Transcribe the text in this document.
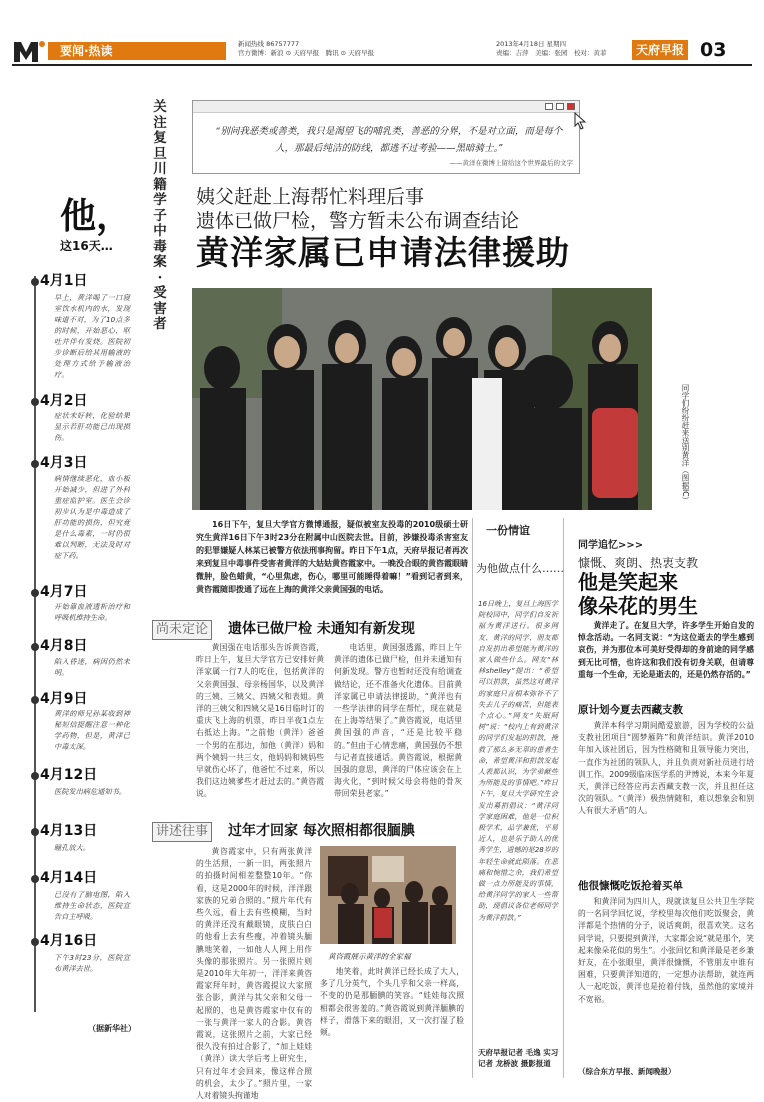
要闻·热读	新闻热线 86757777
官方微博：新浪 ⊙ 天府早报　腾讯 ⊙ 天府早报
2013年4月18日 星期四
责编：吉萍　美编：张园　校对：黄菲	天府早报 03
关注复旦川籍学子中毒案·受害者
他，
这16天…
4月1日
早上，黄洋喝了一口寝室饮水机内的水，发现味道不对，为了10点多的时候，开始恶心、呕吐并伴有发烧。医院初步诊断后给其用输液的处理方式给予输液治疗。
4月2日
症状未好转，化验结果显示若肝功能已出现损伤。
4月3日
病情继续恶化，血小板开始减少，但进了外科重症监护室。医生会诊初步认为是中毒造成了肝功能的损伤，但究竟是什么毒素，一时仍很难以判断，无法及时对症下药。
4月7日
开始靠血液透析治疗和呼吸机维持生命。
4月8日
陷入昏迷，病因仍然未明。
4月9日
黄洋的师兄孙某收到神秘短信提醒注意一种化学药物，但是，黄洋已中毒太深。
4月12日
医院发出病危通知书。
4月13日
瞳孔放大。
4月14日
已没有了脑电图，陷入维持生命状态，医院宣告自主呼吸。
4月16日
下午3时23分，医院宣布黄洋去世。
（据新华社）
“别问我恶类或善类，我只是渴望飞的哺乳类，善恶的分界，不是对立面，而是每个人，那最后纯洁的防线，都逃不过考验——黑暗骑士。”
——黄洋在微博上留给这个世界最后的文字
姨父赶赴上海帮忙料理后事
遗体已做尸检，警方暂未公布调查结论
黄洋家属已申请法律援助
同学们纷纷赶来送别黄洋（图据IC）
16日下午，复旦大学官方微博通报，疑似被室友投毒的2010级硕士研究生黄洋16日下午3时23分在附属中山医院去世。目前，涉嫌投毒杀害室友的犯罪嫌疑人林某已被警方依法刑事拘留。昨日下午1点，天府早报记者再次来到复旦中毒事件受害者黄洋的大姑姑黄咨霞家中。一晚没合眼的黄咨霞眼睛微肿，脸色蜡黄，“心里焦虑，伤心，哪里可能睡得着嘛！”看到记者到来，黄咨霞随即拨通了远在上海的黄洋父亲黄国强的电话。
尚未定论 遗体已做尸检 未通知有新发现
黄国强在电话那头告诉黄咨霞，昨日上午，复旦大学官方已安排好黄洋家属一行7人的吃住，包括黄洋的父亲黄国强、母亲杨国华，以及黄洋的三姨、三姨父、四姨父和表姐。黄洋的三姨父和四姨父是16日临时订的重庆飞上海的机票，昨日半夜1点左右抵达上海。“之前他（黄洋）爸爸一个男的在那边，加他（黄洋）妈和两个姨妈一共三女，他妈妈和姨妈些早就伤心坏了，他爸忙不过来，所以我们这边姨爹些才赶过去的。”黄咨霞说。
电话里，黄国强透露，昨日上午黄洋的遗体已做尸检，但并未通知有何新发现。警方也暂时还没有给调查做结论，还不准备火化遗体。目前黄洋家属已申请法律援助，“黄洋也有一些学法律的同学在帮忙，现在就是在上海等结果了。”黄咨霞说，电话里黄国强的声音，“还是比较平稳的。”但由于心情悲痛，黄国强仍不想与记者直接通话。黄咨霞说，根据黄国强的意思，黄洋的尸体应该会在上海火化，“到时候父母会将他的骨灰带回荣县老家。”
讲述往事 过年才回家 每次照相都很腼腆
黄咨霞家中，只有两张黄洋的生活照，一新一旧，两张照片的拍摄时间相差整整10年。“你看，这是2000年的时候，洋洋跟家族的兄弟合照的。”照片年代有些久远，看上去有些模糊，当时的黄洋还没有戴眼镜，皮肤白白的他看上去有些瘦，冲着镜头腼腆地笑着，一如他人人网上用作头像的那张照片。另一张照片则是2010年大年初一，洋洋来黄咨霞家拜年时，黄咨霞提议大家照张合影，黄洋与其父亲和父母一起照的，也是黄咨霞家中仅有的一张与黄洋一家人的合影。黄咨霞说，这张照片之前，大家已经很久没有拍过合影了，“加上娃娃（黄洋）读大学后考上研究生，只有过年才会回来，像这样合照的机会，太少了。”照片里，一家人对着镜头拘谨地
地笑着，此时黄洋已经长成了大人，多了几分英气，个头几乎和父亲一样高，不变的仍是那腼腆的笑容。“娃娃每次照相都会很害羞的。”黄咨霞说到黄洋腼腆的样子，滑落下来的眼泪，又一次打湿了脸颊。
黄咨霞展示黄洋的全家福
一份情谊
为他做点什么……
16日晚上，复旦上海医学院校园中，同学们自发祈福为黄洋送行。很多网友、黄洋的同学、朋友都自发捐出希望能为黄洋的家人做些什么。网友“林林shelley”提出：“希望可以捐款，虽然这对黄洋的家庭只言根本弥补不了失去儿子的痛苦，但能表个点心。”网友“失眠阿树”说：“校内上有到黄洋的同学们发起的捐款，挽救了那么多无辜的患者生命，希望黄洋和捐款发起人表都认识，为学弟献些为所能及的事情吧。”昨日下午，复旦大学研究生会发出募捐倡议：“黄洋同学家庭困难，他是一位积极学术，品学兼优，平易近人，也是乐于助人的优秀学生，遗憾的是28岁的年轻生命就此陨落。在悲痛和惋惜之余，我们希望做一点力所能及的事情，给黄洋同学的家人一些帮助，现倡议各位老师同学为黄洋捐款。”
天府早报记者 毛逸 实习记者 龙桥波 摄影报道
同学追忆>>>
慷慨、爽朗、热衷支教
他是笑起来
像朵花的男生
黄洋走了。在复旦大学，许多学生开始自发的悼念活动。一名同支说：“为这位逝去的学生感到哀伤，并为那位本可美好受得却的身前途的同学感到无比可惜，也许这和我们没有切身关联，但请尊重每一个生命，无论是逝去的，还是仍然存活的。”
原计划今夏去西藏支教
黄洋本科学习期间酷爱旅游，因为学校的公益支教社团项目“圆梦雁阵”和黄洋结识。黄洋2010年加入该社团后，因为性格随和且领导能力突出，一直作为社团的领队人，并且负责对新社员进行培训工作。2009级临床医学系的尹博说，本来今年夏天，黄洋已经答应再去西藏支教一次，并且担任这次的领队。“（黄洋）极热情随和，难以想象会和别人有很大矛盾”的人。
他很慷慨吃饭抢着买单
和黄洋同为四川人，现就读复旦公共卫生学院的一名同学回忆说，学校里每次他们吃饭聚会，黄洋都是个热情的分子，说话爽朗，很喜欢笑。这名同学说，只要提到黄洋，大家都会说“就是那个，笑起来像朵花似的男生”。小张回忆和黄洋最是老乡兼好友，在小张眼里，黄洋很慷慨，不管朋友中谁有困难，只要黄洋知道的，一定想办法帮助，就连两人一起吃饭，黄洋也是抢着付钱，虽然他的家境并不宽裕。
（综合东方早报、新闻晚报）
